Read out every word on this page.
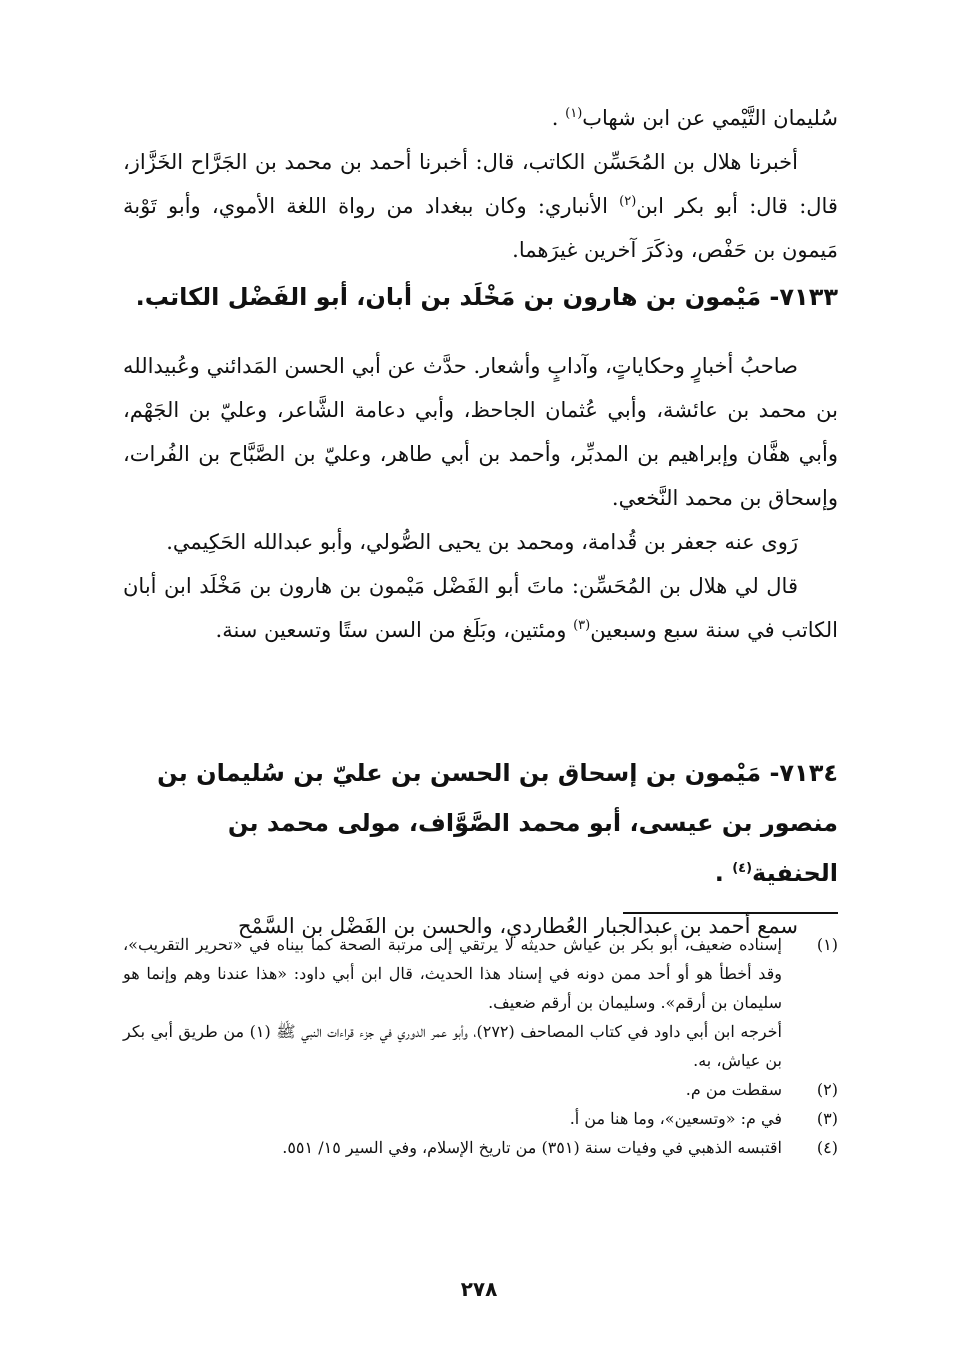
سُليمان التَّيْمي عن ابن شهاب$^{(١)}$ .

أخبرنا هلال بن المُحَسِّن الكاتب، قال: أخبرنا أحمد بن محمد بن الجَرَّاح الخَزَّاز، قال: قال: أبو بكر ابن$^{(٢)}$ الأنباري: وكان ببغداد من رواة اللغة الأموي، وأبو تَوْبة مَيمون بن حَفْص، وذكَرَ آخرين غيرَهما.

٧١٣٣- مَيْمون بن هارون بن مَخْلَد بن أبان، أبو الفَضْل الكاتب.

صاحبُ أخبارٍ وحكاياتٍ، وآدابٍ وأشعار. حدَّث عن أبي الحسن المَدائني وعُبيدالله بن محمد بن عائشة، وأبي عُثمان الجاحظ، وأبي دعامة الشَّاعر، وعليّ بن الجَهْم، وأبي هفَّان وإبراهيم بن المدبِّر، وأحمد بن أبي طاهر، وعليّ بن الصَّبَّاح بن الفُرات، وإسحاق بن محمد النَّخعي.

رَوى عنه جعفر بن قُدامة، ومحمد بن يحيى الصُّولي، وأبو عبدالله الحَكِيمي.

قال لي هلال بن المُحَسِّن: ماتَ أبو الفَضْل مَيْمون بن هارون بن مَخْلَد ابن أبان الكاتب في سنة سبع وسبعين$^{(٣)}$ ومئتين، وبَلَغ من السن ستًا وتسعين سنة.

٧١٣٤- مَيْمون بن إسحاق بن الحسن بن عليّ بن سُليمان بن منصور بن عيسى، أبو محمد الصَّوَّاف، مولى محمد بن الحنفية$^{(٤)}$ .

سمع أحمد بن عبدالجبار العُطاردي، والحسن بن الفَضْل بن السَّمْح

(١)
إسناده ضعيف، أبو بكر بن عياش حديثه لا يرتقي إلى مرتبة الصحة كما بيناه في «تحرير التقريب»، وقد أخطأ هو أو أحد ممن دونه في إسناد هذا الحديث، قال ابن أبي داود: «هذا عندنا وهم وإنما هو سليمان بن أرقم». وسليمان بن أرقم ضعيف.
أخرجه ابن أبي داود في كتاب المصاحف (٢٧٢)، وأبو عمر الدوري في جزء قراءات النبي ﷺ (١) من طريق أبي بكر بن عياش، به.
(٢)
سقطت من م.
(٣)
في م: «وتسعين»، وما هنا من أ.
(٤)
اقتبسه الذهبي في وفيات سنة (٣٥١) من تاريخ الإسلام، وفي السير ١٥/ ٥٥١.
٢٧٨
